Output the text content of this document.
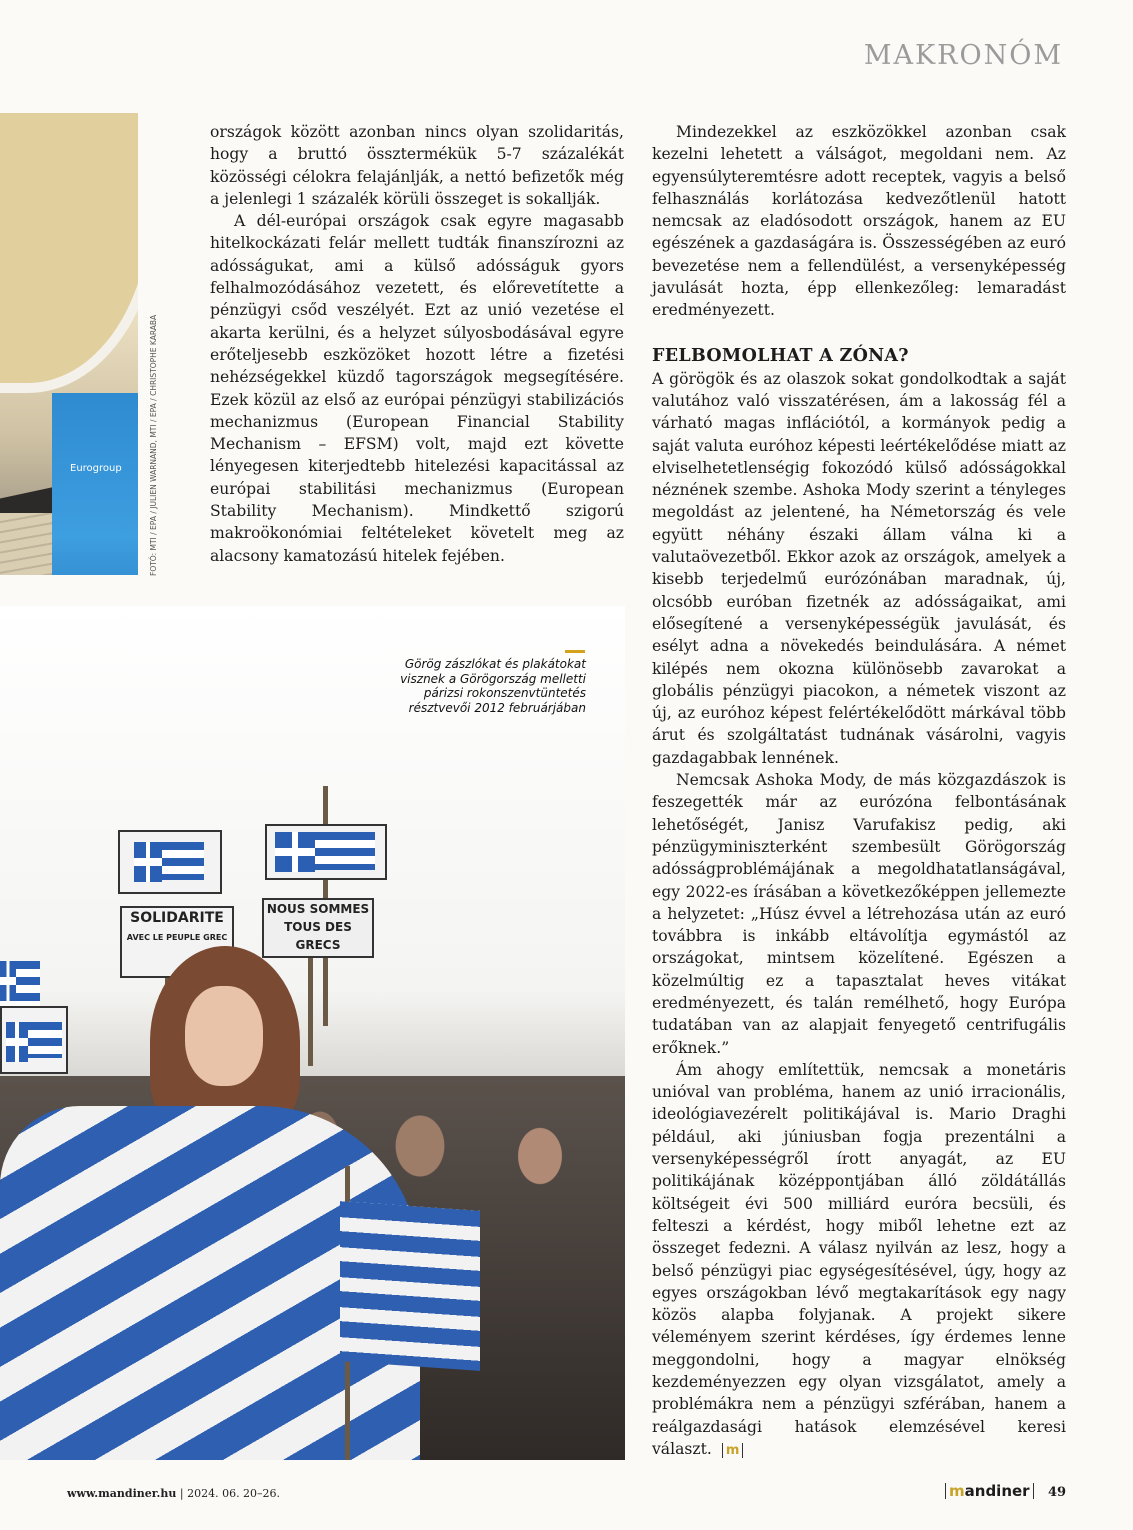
MAKRONÓM
Eurogroup	FOTÓ: MTI / EPA / JULIEN WARNAND, MTI / EPA / CHRISTOPHE KARABA

országok között azonban nincs olyan szolidaritás, hogy a bruttó össztermékük 5-7 százalékát közösségi célokra felajánlják, a nettó befizetők még a jelenlegi 1 százalék körüli összeget is sokallják.

A dél-európai országok csak egyre magasabb hitelkockázati felár mellett tudták finanszírozni az adósságukat, ami a külső adósságuk gyors felhalmozódásához vezetett, és előrevetítette a pénzügyi csőd veszélyét. Ezt az unió vezetése el akarta kerülni, és a helyzet súlyosbodásával egyre erőteljesebb eszközöket hozott létre a fizetési nehézségekkel küzdő tagországok megsegítésére. Ezek közül az első az európai pénzügyi stabilizációs mechanizmus (European Financial Stability Mechanism – EFSM) volt, majd ezt követte lényegesen kiterjedtebb hitelezési kapacitással az európai stabilitási mechanizmus (European Stability Mechanism). Mindkettő szigorú makroökonómiai feltételeket követelt meg az alacsony kamatozású hitelek fejében.

Mindezekkel az eszközökkel azonban csak kezelni lehetett a válságot, megoldani nem. Az egyensúlyteremtésre adott receptek, vagyis a belső felhasználás korlátozása kedvezőtlenül hatott nemcsak az eladósodott országok, hanem az EU egészének a gazdaságára is. Összességében az euró bevezetése nem a fellendülést, a versenyképesség javulását hozta, épp ellenkezőleg: lemaradást eredményezett.

FELBOMOLHAT A ZÓNA?

A görögök és az olaszok sokat gondolkodtak a saját valutához való visszatérésen, ám a lakosság fél a várható magas inflációtól, a kormányok pedig a saját valuta euróhoz képesti leértékelődése miatt az elviselhetetlenségig fokozódó külső adósságokkal néznének szembe. Ashoka Mody szerint a tényleges megoldást az jelentené, ha Németország és vele együtt néhány északi állam válna ki a valutaövezetből. Ekkor azok az országok, amelyek a kisebb terjedelmű eurózónában maradnak, új, olcsóbb euróban fizetnék az adósságaikat, ami elősegítené a versenyképességük javulását, és esélyt adna a növekedés beindulására. A német kilépés nem okozna különösebb zavarokat a globális pénzügyi piacokon, a németek viszont az új, az euróhoz képest felértékelődött márkával több árut és szolgáltatást tudnának vásárolni, vagyis gazdagabbak lennének.

Nemcsak Ashoka Mody, de más közgazdászok is feszegették már az eurózóna felbontásának lehetőségét, Janisz Varufakisz pedig, aki pénzügyminiszterként szembesült Görögország adósságproblémájának a megoldhatatlanságával, egy 2022-es írásában a következőképpen jellemezte a helyzetet: „Húsz évvel a létrehozása után az euró továbbra is inkább eltávolítja egymástól az országokat, mintsem közelítené. Egészen a közelmúltig ez a tapasztalat heves vitákat eredményezett, és talán remélhető, hogy Európa tudatában van az alapjait fenyegető centrifugális erőknek.”

Ám ahogy említettük, nemcsak a monetáris unióval van probléma, hanem az unió irracionális, ideológiavezérelt politikájával is. Mario Draghi például, aki júniusban fogja prezentálni a versenyképességről írott anyagát, az EU politikájának középpontjában álló zöldátállás költségeit évi 500 milliárd euróra becsüli, és felteszi a kérdést, hogy miből lehetne ezt az összeget fedezni. A válasz nyilván az lesz, hogy a belső pénzügyi piac egységesítésével, úgy, hogy az egyes országokban lévő megtakarítások egy nagy közös alapba folyjanak. A projekt sikere véleményem szerint kérdéses, így érdemes lenne meggondolni, hogy a magyar elnökség kezdeményezzen egy olyan vizsgálatot, amely a problémákra nem a pénzügyi szférában, hanem a reálgazdasági hatások elemzésével keresi választ. m

SOLIDARITE
AVEC LE PEUPLE GREC
NOUS SOMMES
TOUS DES GRECS
Görög zászlókat és plakátokat visznek a Görögország melletti párizsi rokonszenvtüntetés résztvevői 2012 februárjában
www.mandiner.hu | 2024. 06. 20–26.	mandiner	49
